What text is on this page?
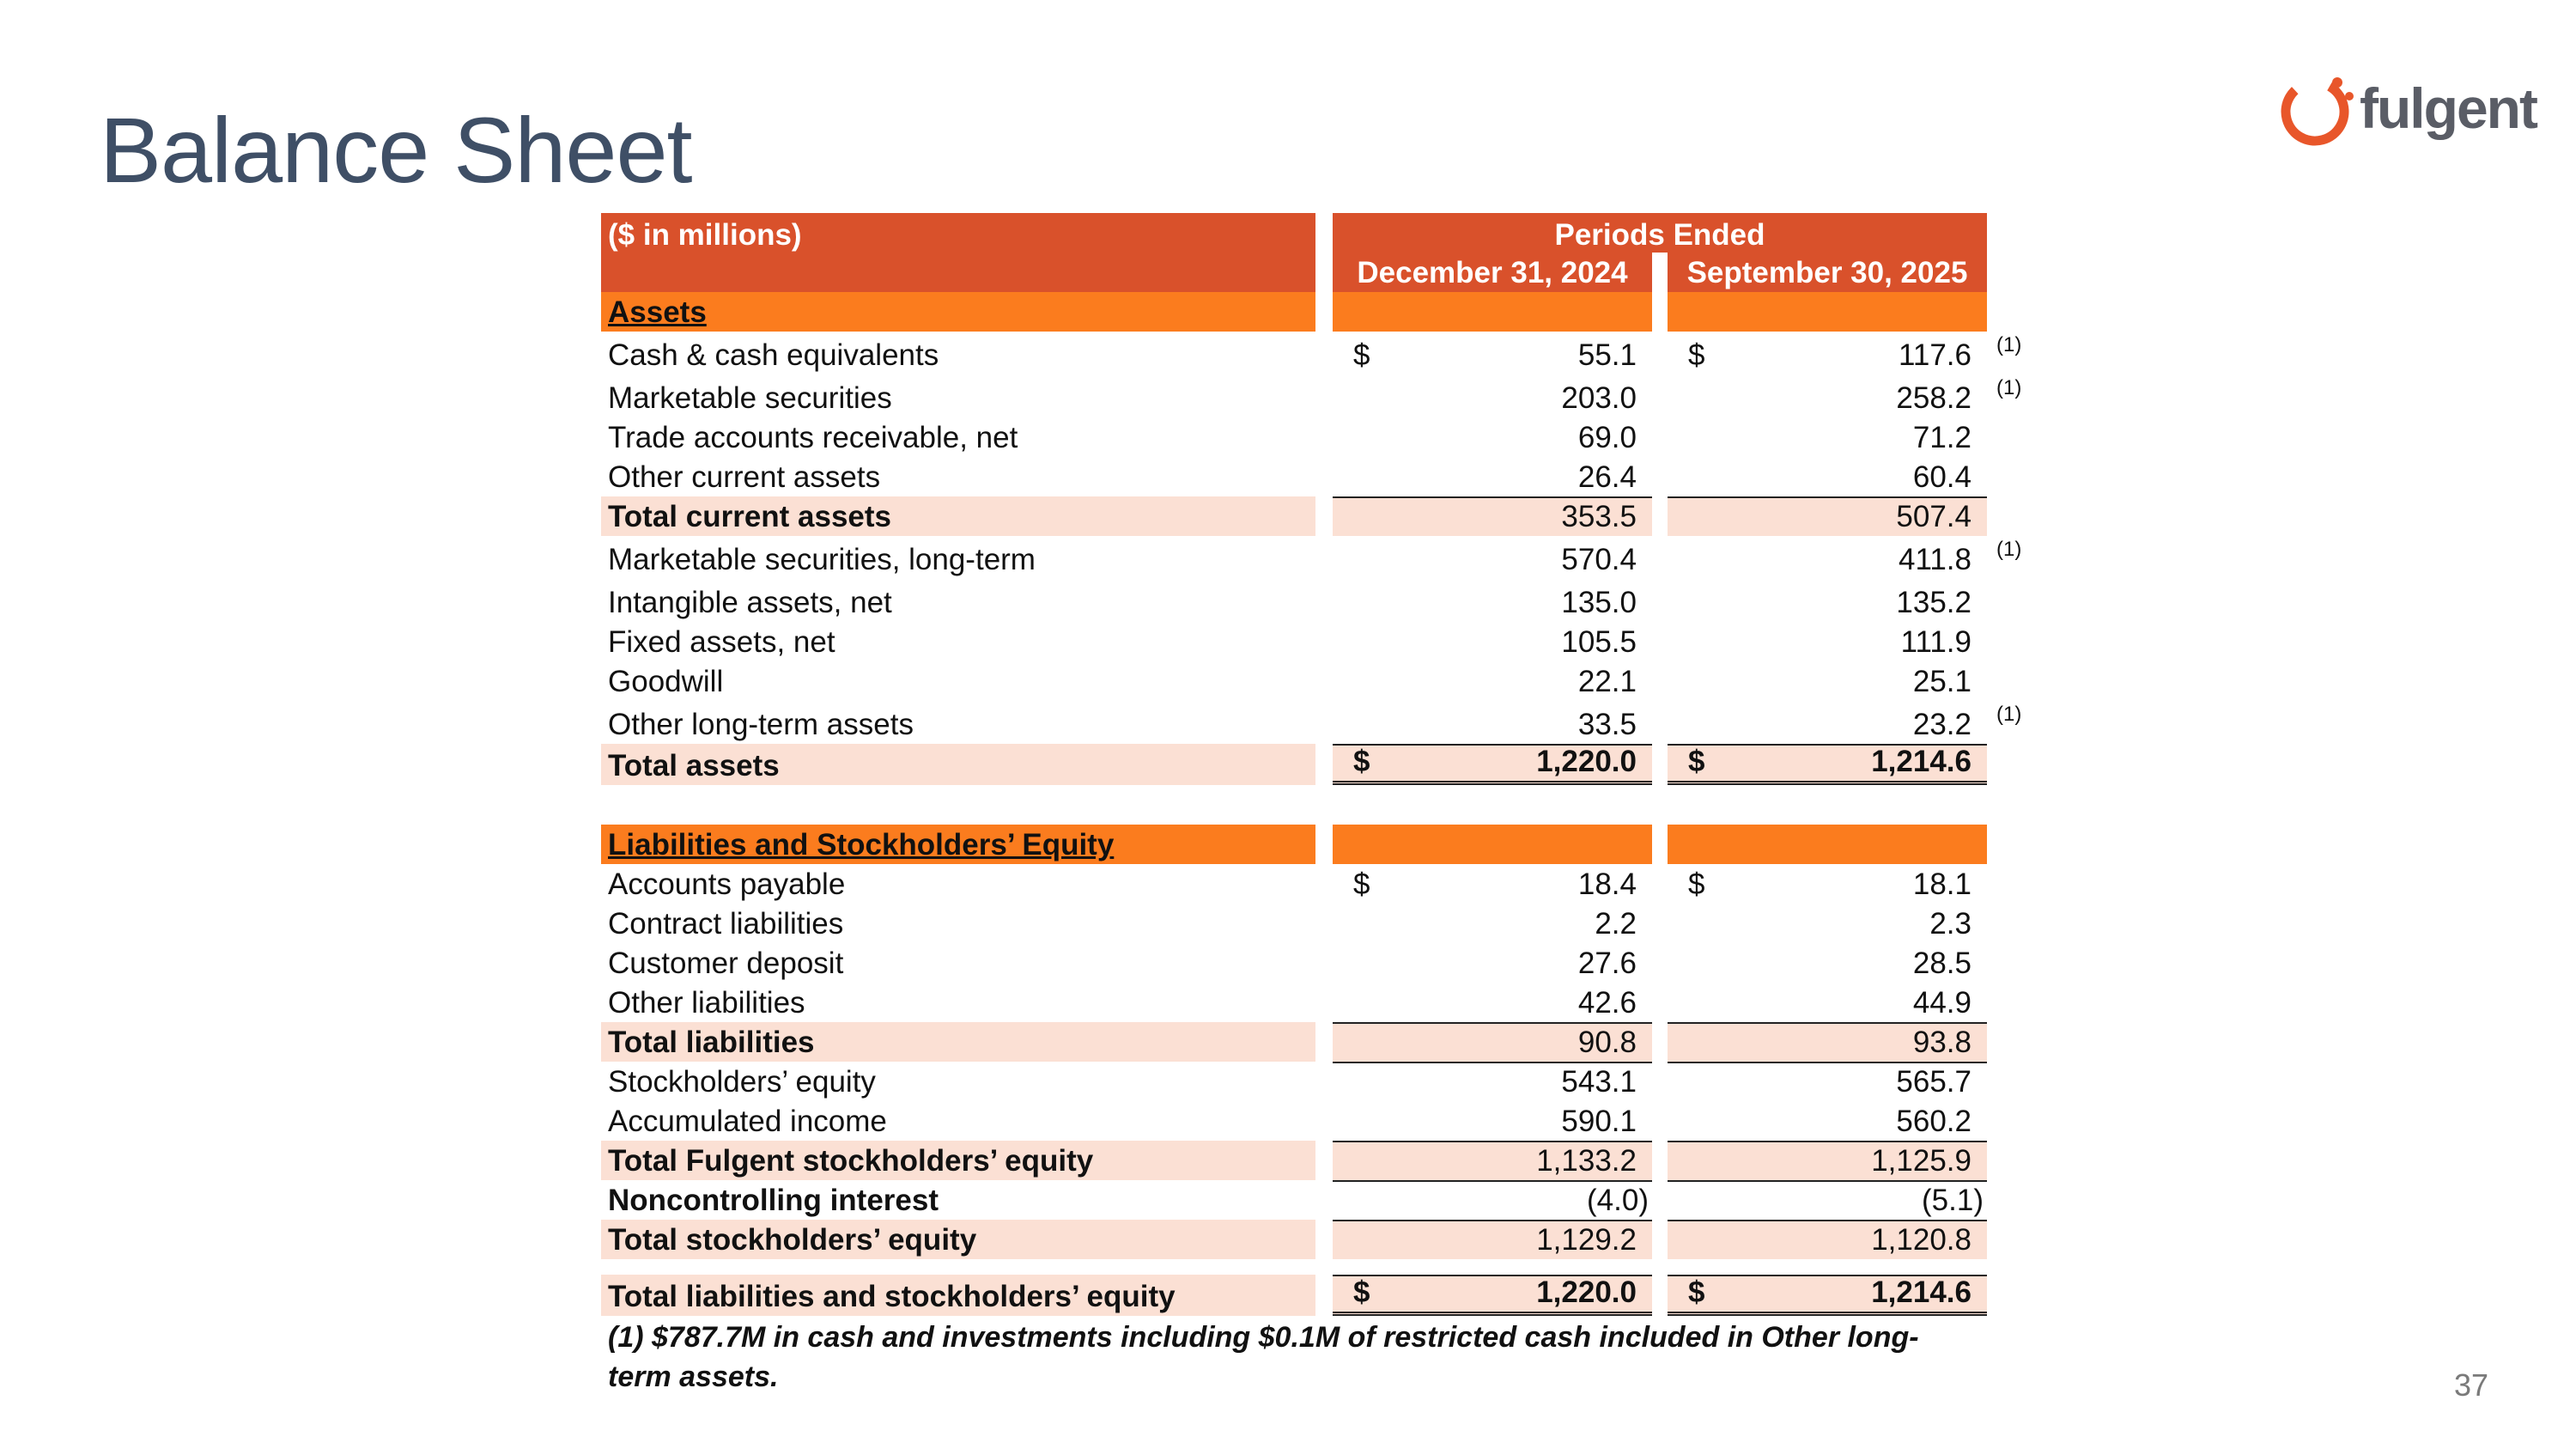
Balance Sheet	fulgent
($ in millions)	Periods Ended
December 31, 2024	September 30, 2025
Assets
Cash & cash equivalents	$	55.1 $	117.6 (1)
Marketable securities	203.0	258.2 (1)
Trade accounts receivable, net	69.0	71.2
Other current assets	26.4	60.4
Total current assets	353.5	507.4
Marketable securities, long-term	570.4	411.8 (1)
Intangible assets, net	135.0	135.2
Fixed assets, net	105.5	111.9
Goodwill	22.1	25.1
Other long-term assets	33.5	23.2 (1)
Total assets	$	1,220.0 $	1,214.6
Liabilities and Stockholders’ Equity
Accounts payable	$	18.4 $	18.1
Contract liabilities	2.2	2.3
Customer deposit	27.6	28.5
Other liabilities	42.6	44.9
Total liabilities	90.8	93.8
Stockholders’ equity	543.1	565.7
Accumulated income	590.1	560.2
Total Fulgent stockholders’ equity	1,133.2	1,125.9
Noncontrolling interest	(4.0)	(5.1)
Total stockholders’ equity	1,129.2	1,120.8
Total liabilities and stockholders’ equity	$	1,220.0 $	1,214.6
(1) $787.7M in cash and investments including $0.1M of restricted cash included in Other long-term assets.	37
